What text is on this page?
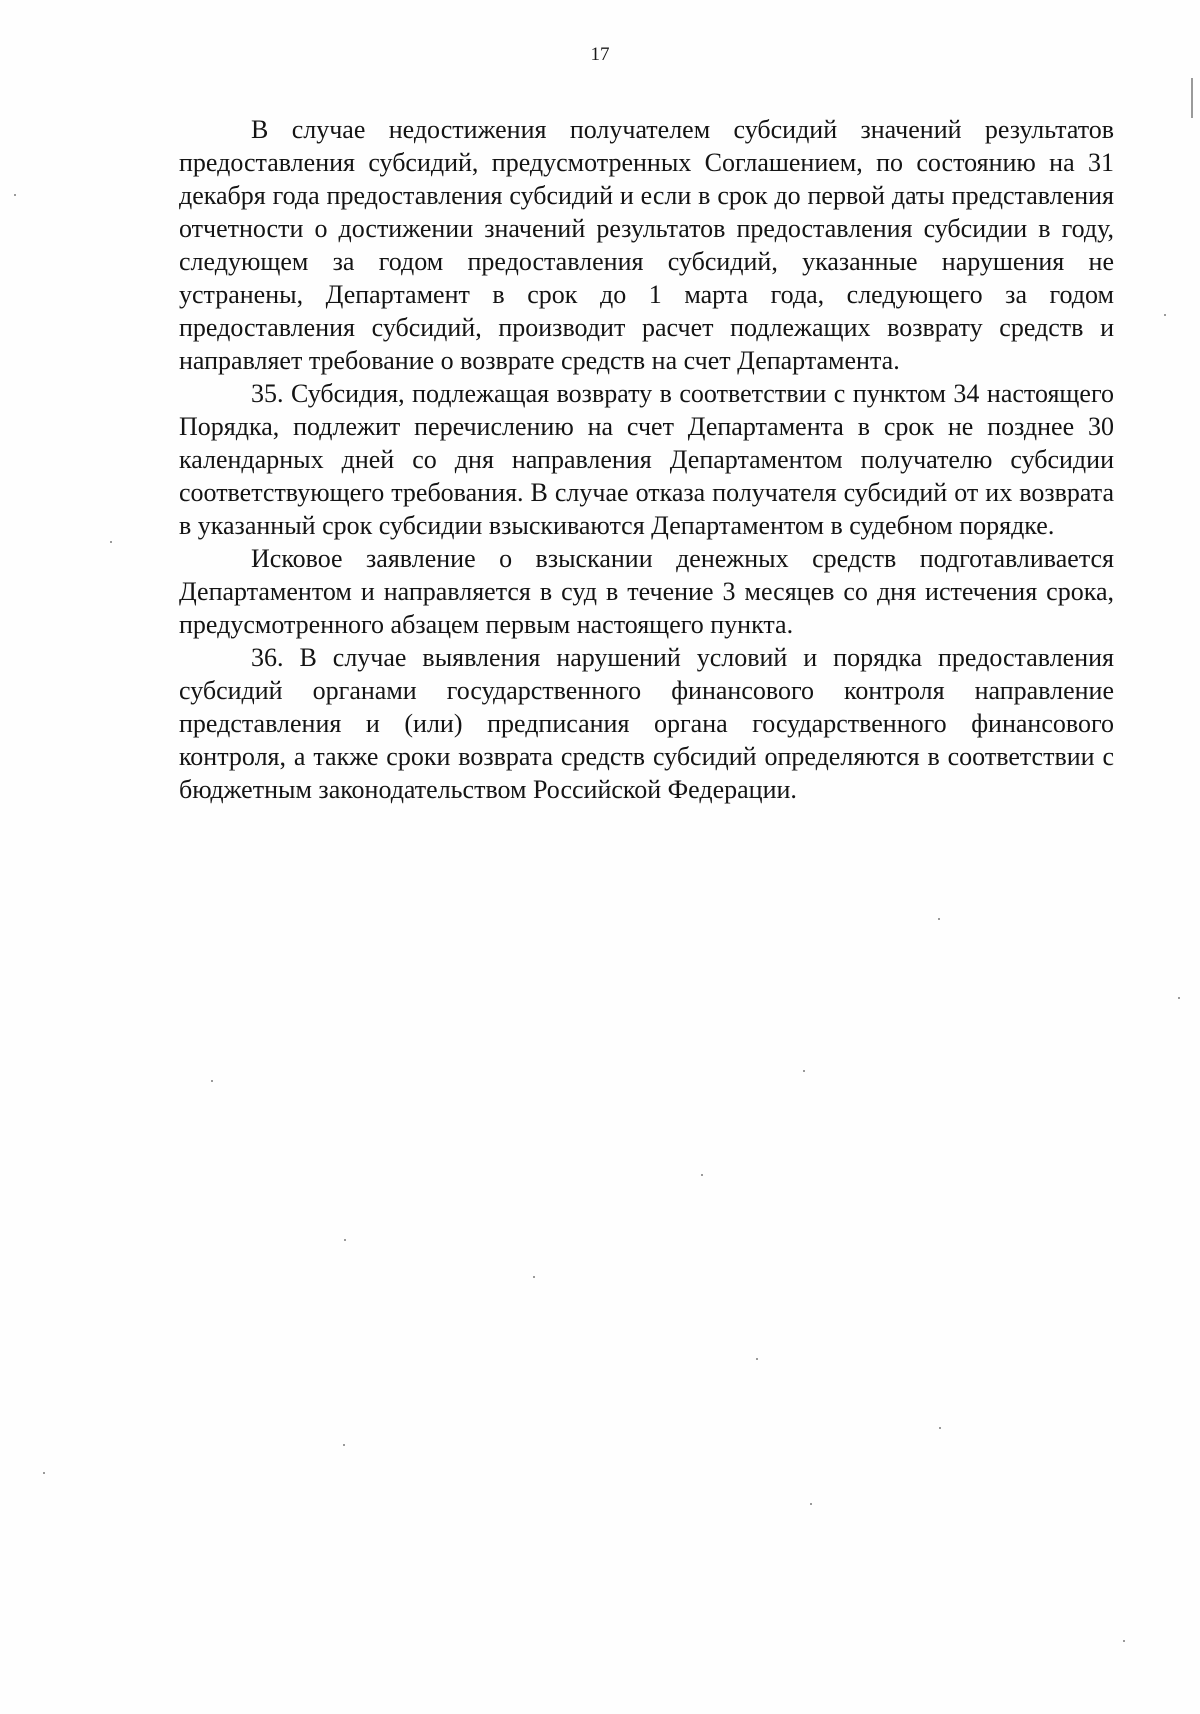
17

В случае недостижения получателем субсидий значений результатов предоставления субсидий, предусмотренных Соглашением, по состоянию на 31 декабря года предоставления субсидий и если в срок до первой даты представления отчетности о достижении значений результатов предоставления субсидии в году, следующем за годом предоставления субсидий, указанные нарушения не устранены, Департамент в срок до 1 марта года, следующего за годом предоставления субсидий, производит расчет подлежащих возврату средств и направляет требование о возврате средств на счет Департамента.

35. Субсидия, подлежащая возврату в соответствии с пунктом 34 настоящего Порядка, подлежит перечислению на счет Департамента в срок не позднее 30 календарных дней со дня направления Департаментом получателю субсидии соответствующего требования. В случае отказа получателя субсидий от их возврата в указанный срок субсидии взыскиваются Департаментом в судебном порядке.

Исковое заявление о взыскании денежных средств подготавливается Департаментом и направляется в суд в течение 3 месяцев со дня истечения срока, предусмотренного абзацем первым настоящего пункта.

36. В случае выявления нарушений условий и порядка предоставления субсидий органами государственного финансового контроля направление представления и (или) предписания органа государственного финансового контроля, а также сроки возврата средств субсидий определяются в соответствии с бюджетным законодательством Российской Федерации.
